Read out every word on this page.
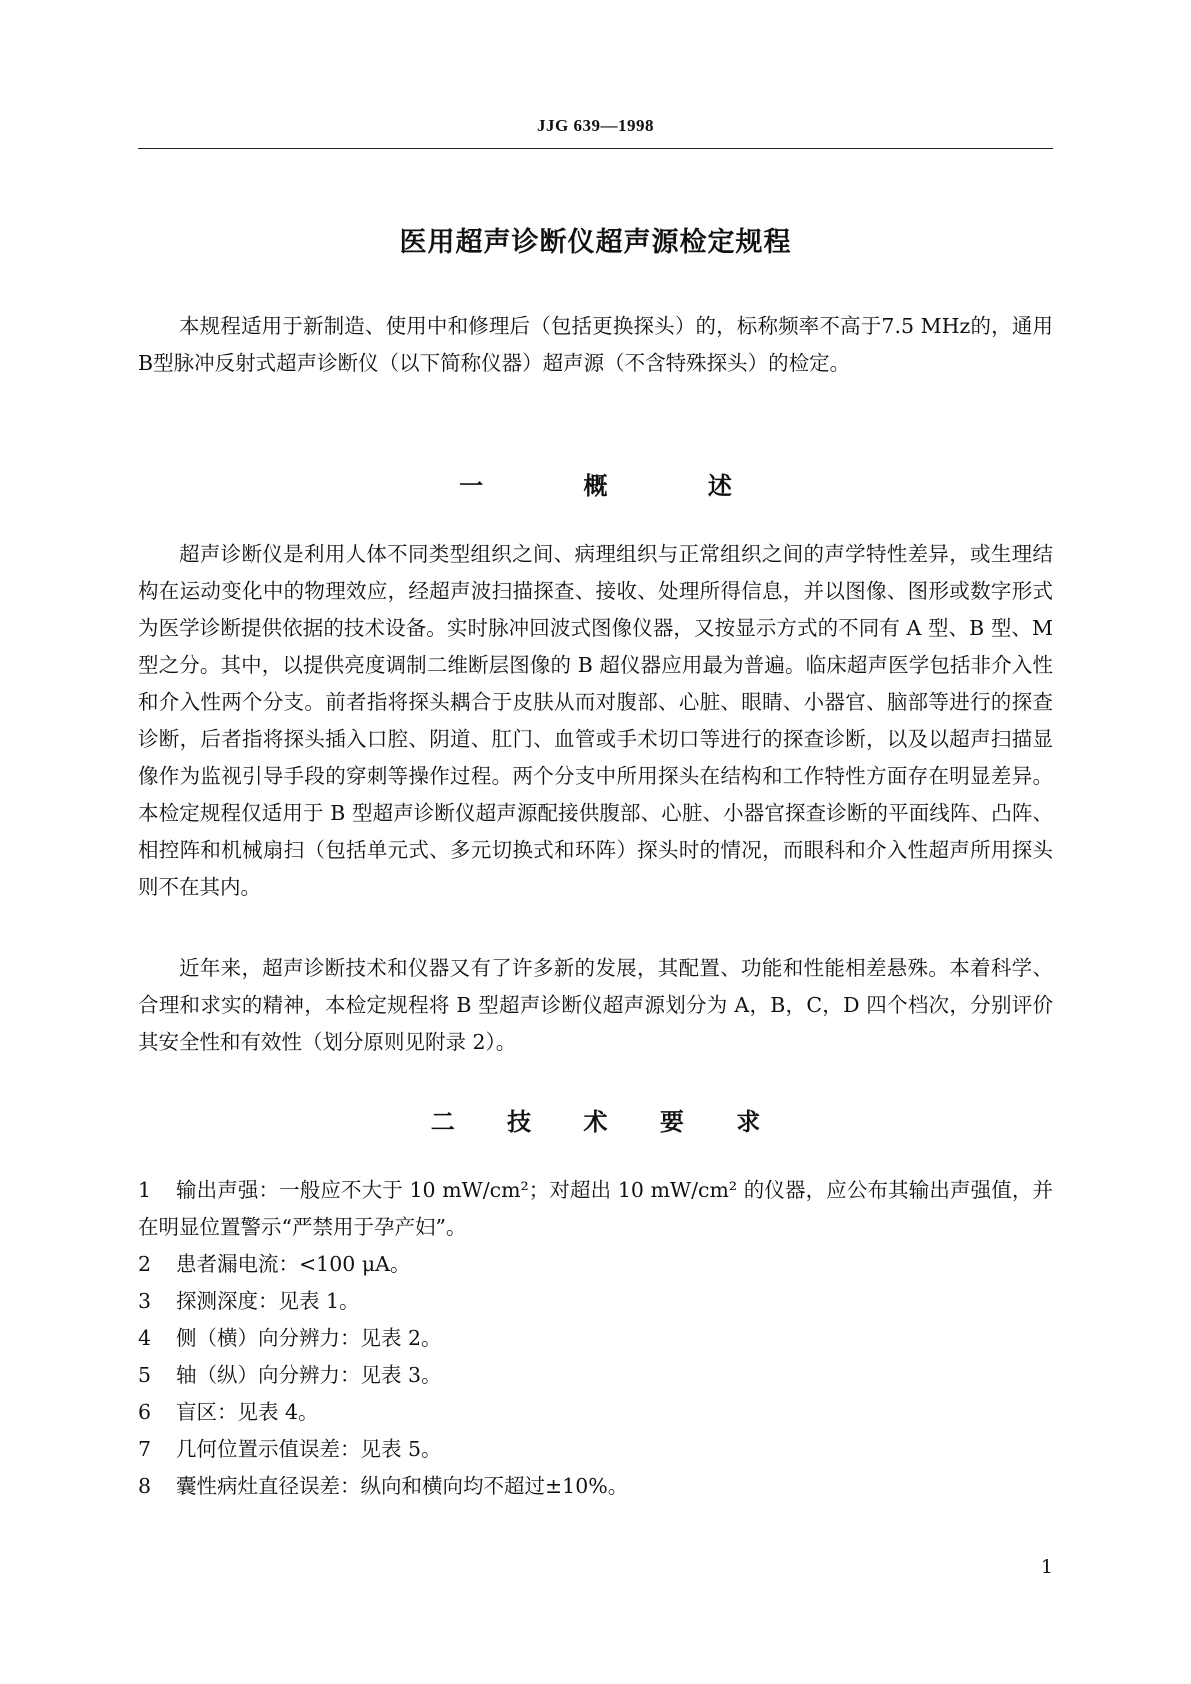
JJG 639—1998
医用超声诊断仪超声源检定规程

本规程适用于新制造、使用中和修理后（包括更换探头）的，标称频率不高于7.5 MHz的，通用B型脉冲反射式超声诊断仪（以下简称仪器）超声源（不含特殊探头）的检定。

一 概 述

超声诊断仪是利用人体不同类型组织之间、病理组织与正常组织之间的声学特性差异，或生理结构在运动变化中的物理效应，经超声波扫描探查、接收、处理所得信息，并以图像、图形或数字形式为医学诊断提供依据的技术设备。实时脉冲回波式图像仪器，又按显示方式的不同有 A 型、B 型、M 型之分。其中，以提供亮度调制二维断层图像的 B 超仪器应用最为普遍。临床超声医学包括非介入性和介入性两个分支。前者指将探头耦合于皮肤从而对腹部、心脏、眼睛、小器官、脑部等进行的探查诊断，后者指将探头插入口腔、阴道、肛门、血管或手术切口等进行的探查诊断，以及以超声扫描显像作为监视引导手段的穿刺等操作过程。两个分支中所用探头在结构和工作特性方面存在明显差异。本检定规程仅适用于 B 型超声诊断仪超声源配接供腹部、心脏、小器官探查诊断的平面线阵、凸阵、相控阵和机械扇扫（包括单元式、多元切换式和环阵）探头时的情况，而眼科和介入性超声所用探头则不在其内。

近年来，超声诊断技术和仪器又有了许多新的发展，其配置、功能和性能相差悬殊。本着科学、合理和求实的精神，本检定规程将 B 型超声诊断仪超声源划分为 A，B，C，D 四个档次，分别评价其安全性和有效性（划分原则见附录 2）。

二 技 术 要 求
1	输出声强：一般应不大于 10 mW/cm²；对超出 10 mW/cm² 的仪器，应公布其输出声强值，并在明显位置警示“严禁用于孕产妇”。
2	患者漏电流：<100 μA。
3	探测深度：见表 1。
4	侧（横）向分辨力：见表 2。
5	轴（纵）向分辨力：见表 3。
6	盲区：见表 4。
7	几何位置示值误差：见表 5。
8	囊性病灶直径误差：纵向和横向均不超过±10%。
1
